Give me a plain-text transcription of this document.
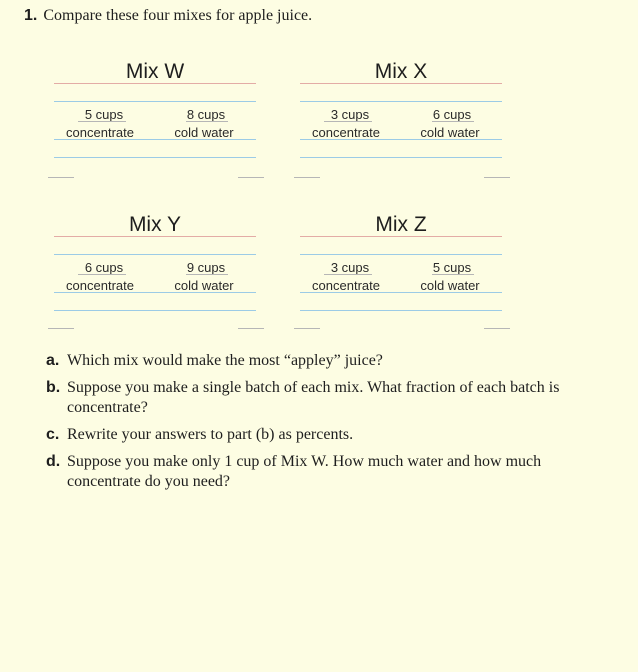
1. Compare these four mixes for apple juice.
Mix W
5 cups	8 cups
concentrate	cold water
Mix X
3 cups	6 cups
concentrate	cold water
Mix Y
6 cups	9 cups
concentrate	cold water
Mix Z
3 cups	5 cups
concentrate	cold water
a. Which mix would make the most “appley” juice?
b. Suppose you make a single batch of each mix. What fraction of each batch is concentrate?
c. Rewrite your answers to part (b) as percents.
d. Suppose you make only 1 cup of Mix W. How much water and how much concentrate do you need?
